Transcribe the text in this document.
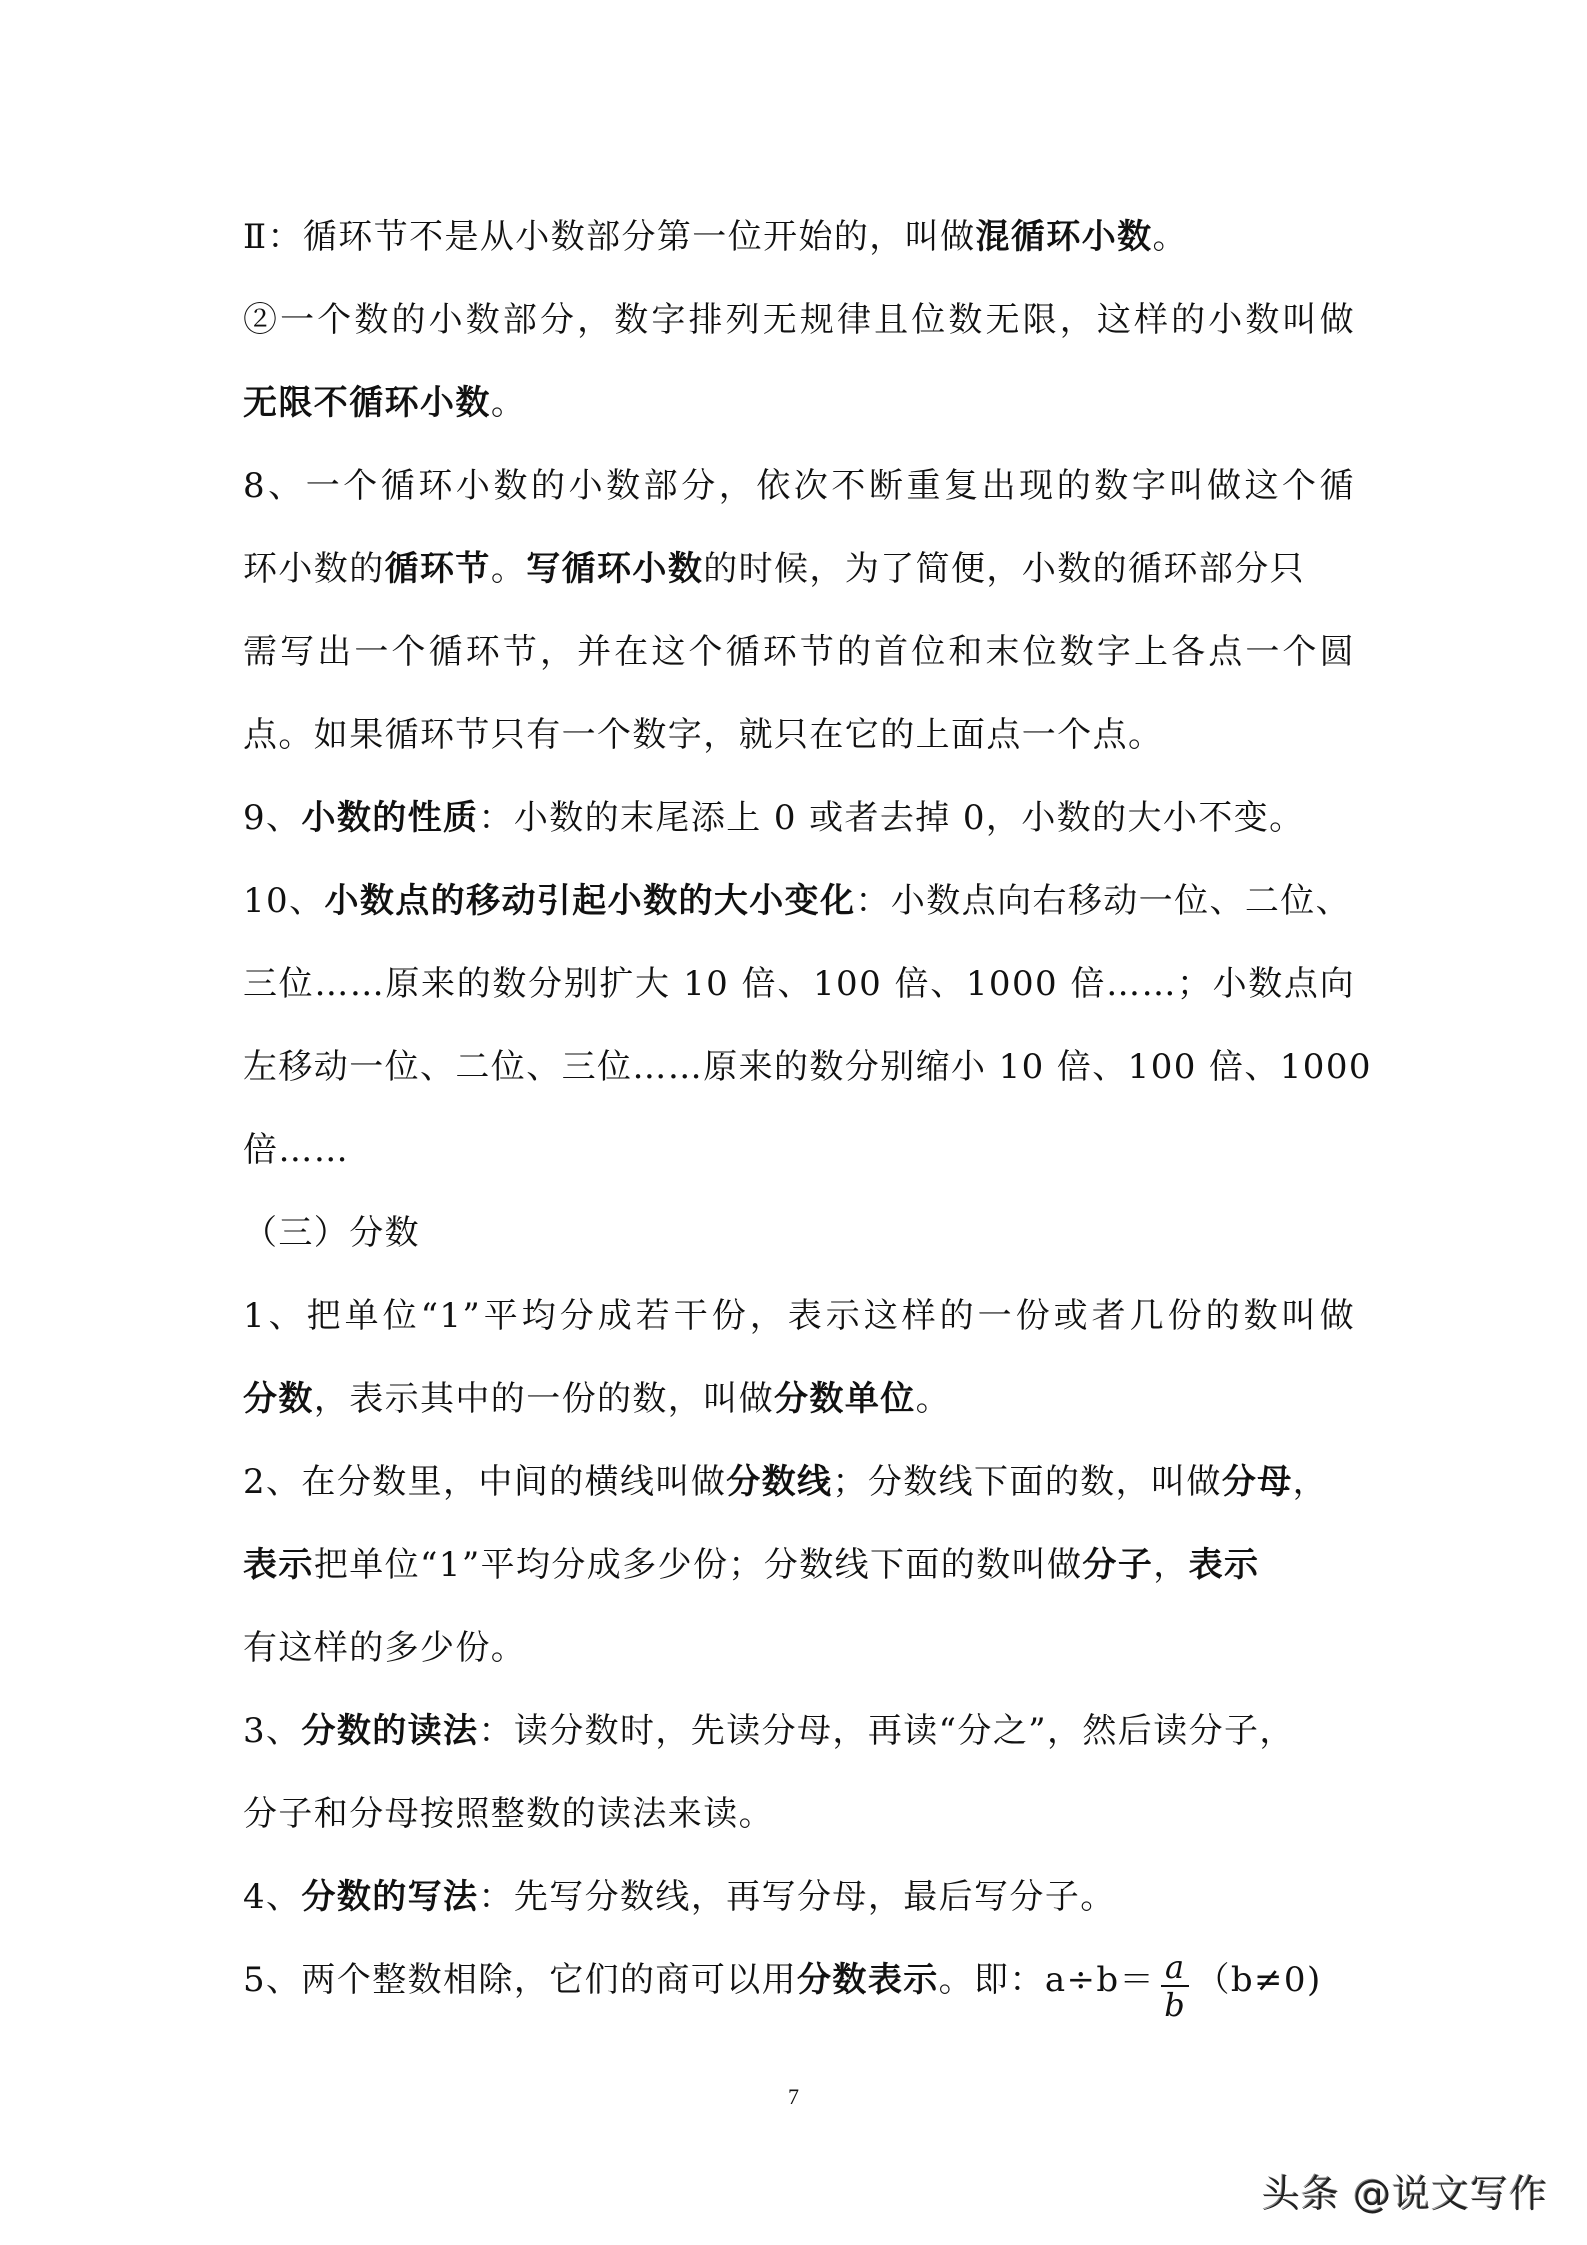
Ⅱ：循环节不是从小数部分第一位开始的，叫做混循环小数。
②一个数的小数部分，数字排列无规律且位数无限，这样的小数叫做
无限不循环小数。
8、一个循环小数的小数部分，依次不断重复出现的数字叫做这个循
环小数的循环节。写循环小数的时候，为了简便，小数的循环部分只
需写出一个循环节，并在这个循环节的首位和末位数字上各点一个圆
点。如果循环节只有一个数字，就只在它的上面点一个点。
9、小数的性质：小数的末尾添上 0 或者去掉 0，小数的大小不变。
10、小数点的移动引起小数的大小变化：小数点向右移动一位、二位、
三位……原来的数分别扩大 10 倍、100 倍、1000 倍……；小数点向
左移动一位、二位、三位……原来的数分别缩小 10 倍、100 倍、1000
倍……
（三）分数
1、把单位“1”平均分成若干份，表示这样的一份或者几份的数叫做
分数，表示其中的一份的数，叫做分数单位。
2、在分数里，中间的横线叫做分数线；分数线下面的数，叫做分母，
表示把单位“1”平均分成多少份；分数线下面的数叫做分子，表示
有这样的多少份。
3、分数的读法：读分数时，先读分母，再读“分之”，然后读分子，
分子和分母按照整数的读法来读。
4、分数的写法：先写分数线，再写分母，最后写分子。
5、两个整数相除，它们的商可以用分数表示。即：$a\div b= \frac{a}{b} (b\ne 0)$
7
头条 @说文写作
